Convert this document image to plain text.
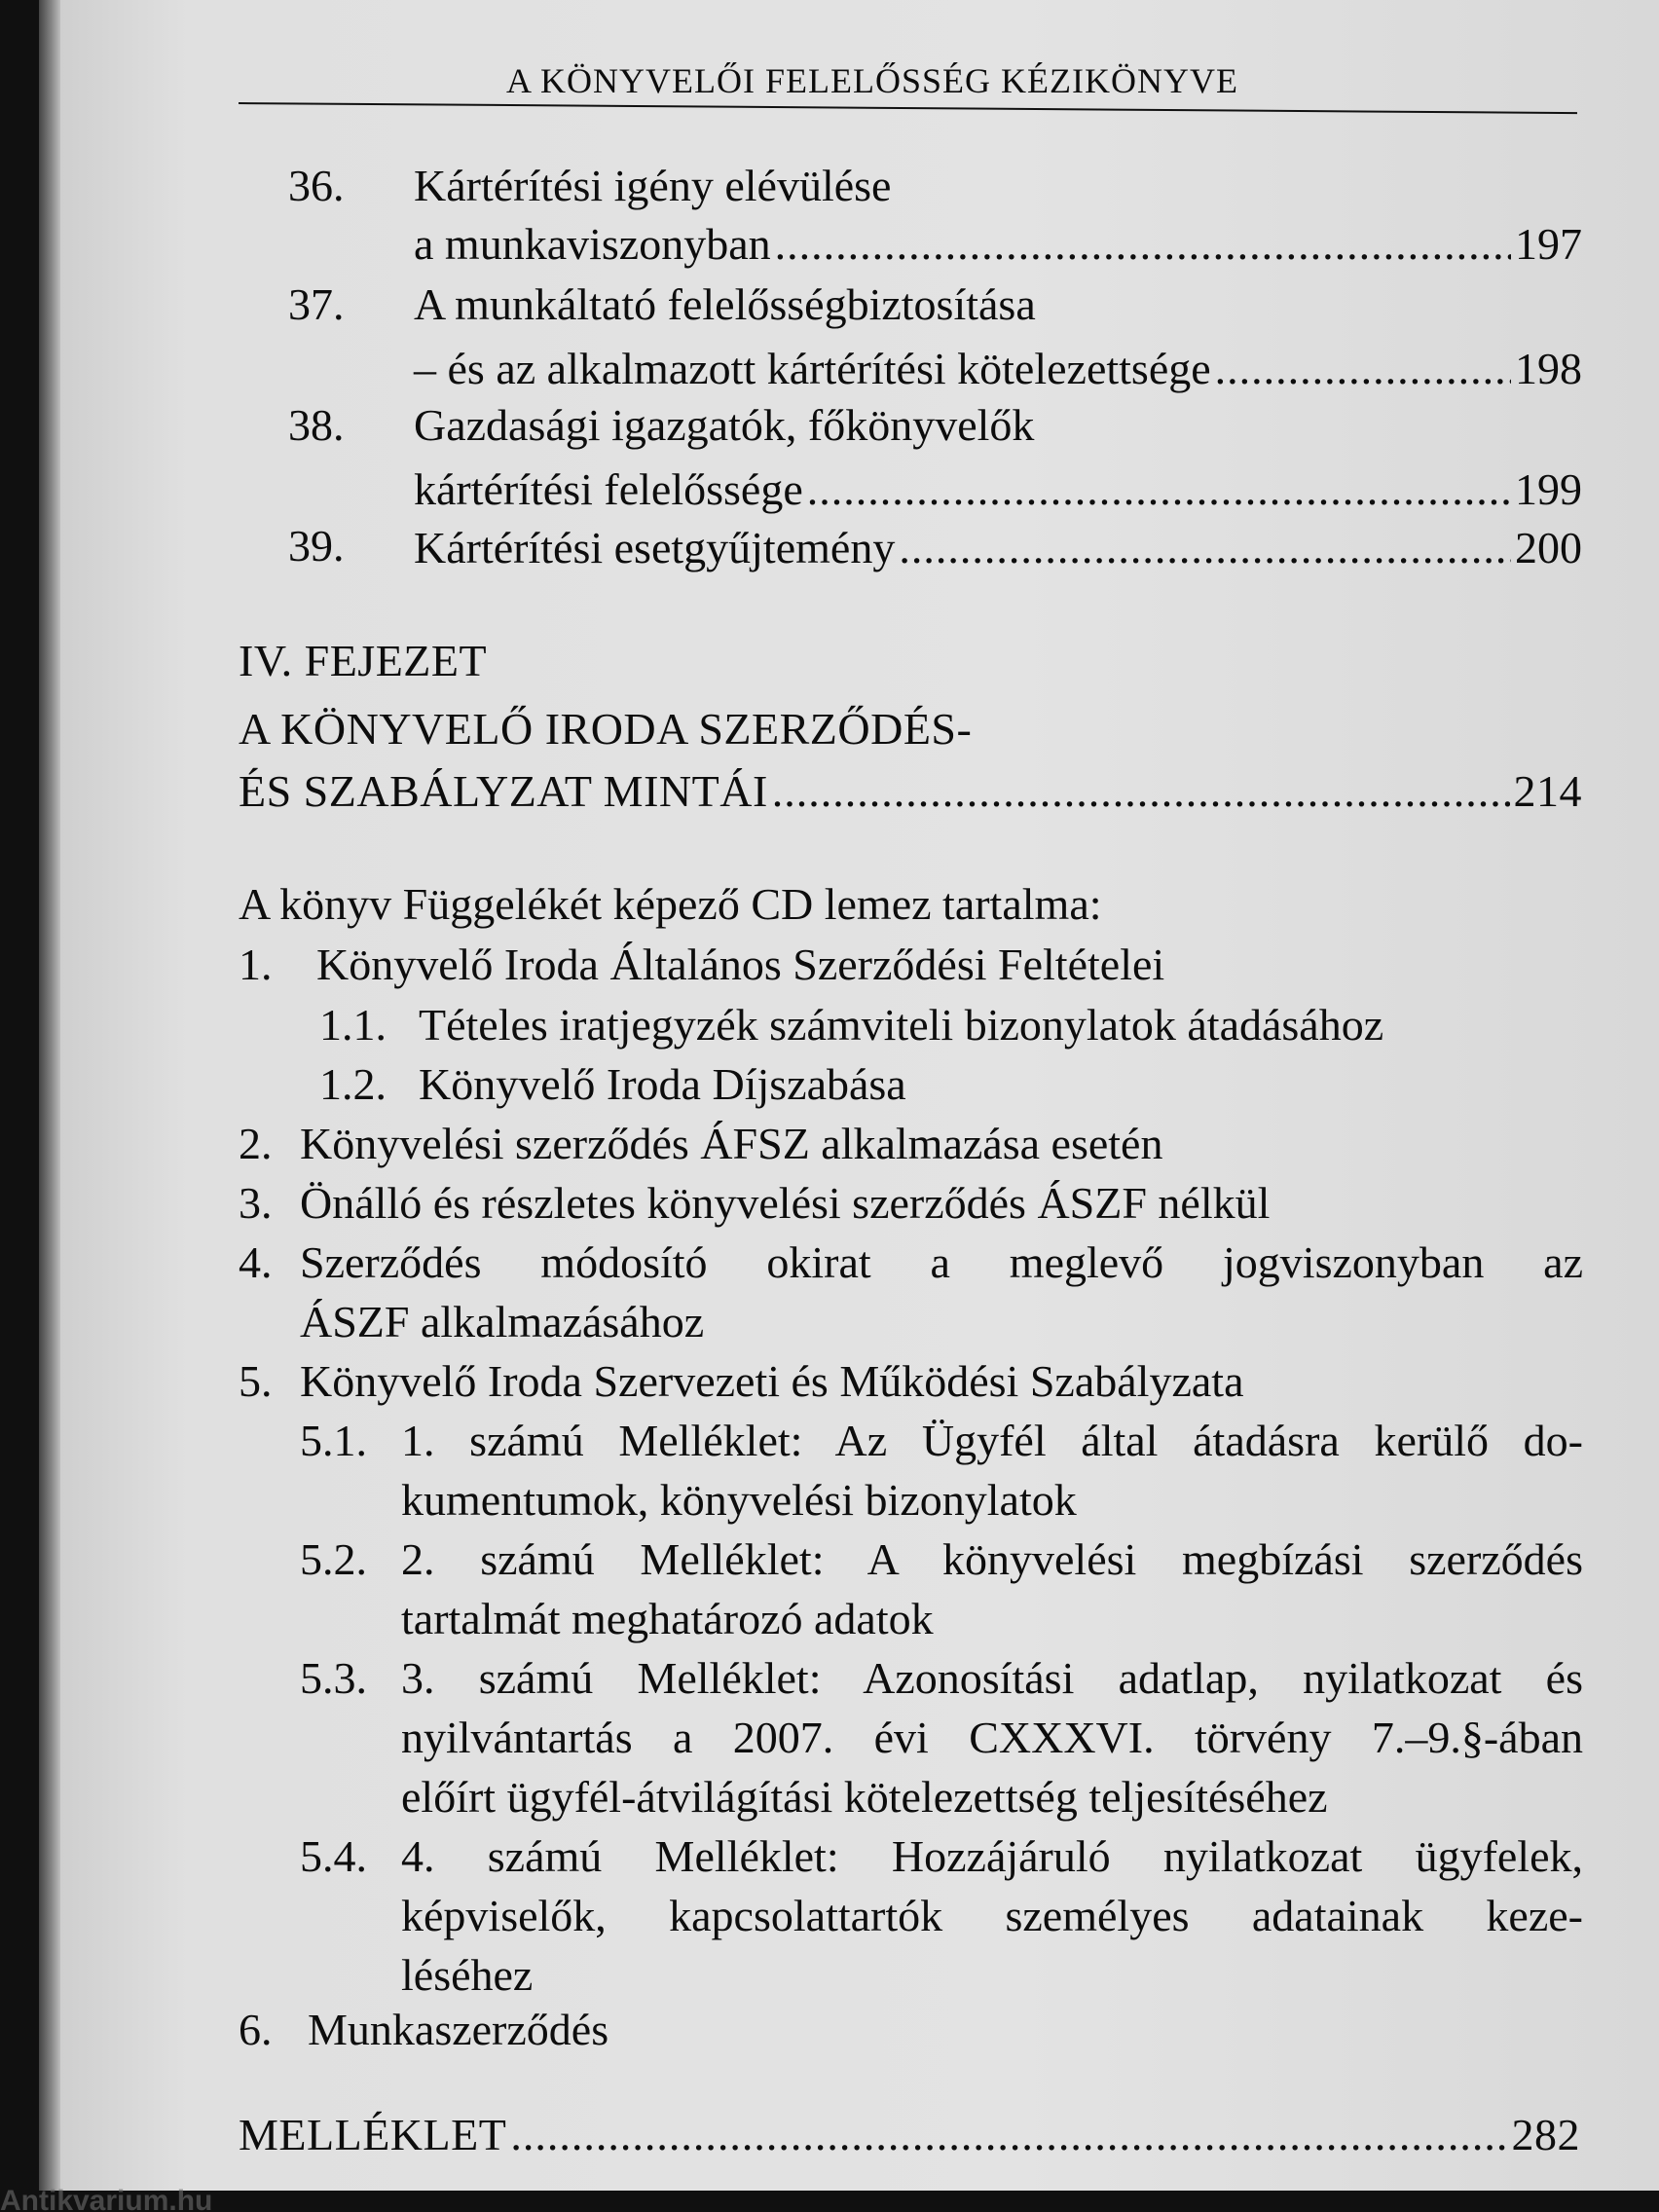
A KÖNYVELŐI FELELŐSSÉG KÉZIKÖNYVE
36. Kártérítési igény elévülése
a munkaviszonyban .....	197
37. A munkáltató felelősségbiztosítása
– és az alkalmazott kártérítési kötelezettsége .....	198
38. Gazdasági igazgatók, főkönyvelők
kártérítési felelőssége .....	199
39. Kártérítési esetgyűjtemény .....	200
IV. FEJEZET
A KÖNYVELŐ IRODA SZERZŐDÉS-
ÉS SZABÁLYZAT MINTÁI .....	214
A könyv Függelékét képező CD lemez tartalma:
1. Könyvelő Iroda Általános Szerződési Feltételei
1.1. Tételes iratjegyzék számviteli bizonylatok átadásához
1.2. Könyvelő Iroda Díjszabása
2. Könyvelési szerződés ÁFSZ alkalmazása esetén
3. Önálló és részletes könyvelési szerződés ÁSZF nélkül
4. Szerződés módosító okirat a meglevő jogviszonyban az
ÁSZF alkalmazásához
5. Könyvelő Iroda Szervezeti és Működési Szabályzata
5.1. 1. számú Melléklet: Az Ügyfél által átadásra kerülő do-
kumentumok, könyvelési bizonylatok
5.2. 2. számú Melléklet: A könyvelési megbízási szerződés
tartalmát meghatározó adatok
5.3. 3. számú Melléklet: Azonosítási adatlap, nyilatkozat és
nyilvántartás a 2007. évi CXXXVI. törvény 7.–9.§-ában
előírt ügyfél-átvilágítási kötelezettség teljesítéséhez
5.4. 4. számú Melléklet: Hozzájáruló nyilatkozat ügyfelek,
képviselők, kapcsolattartók személyes adatainak keze-
léséhez
6. Munkaszerződés
MELLÉKLET .....	282
Antikvarium.hu
